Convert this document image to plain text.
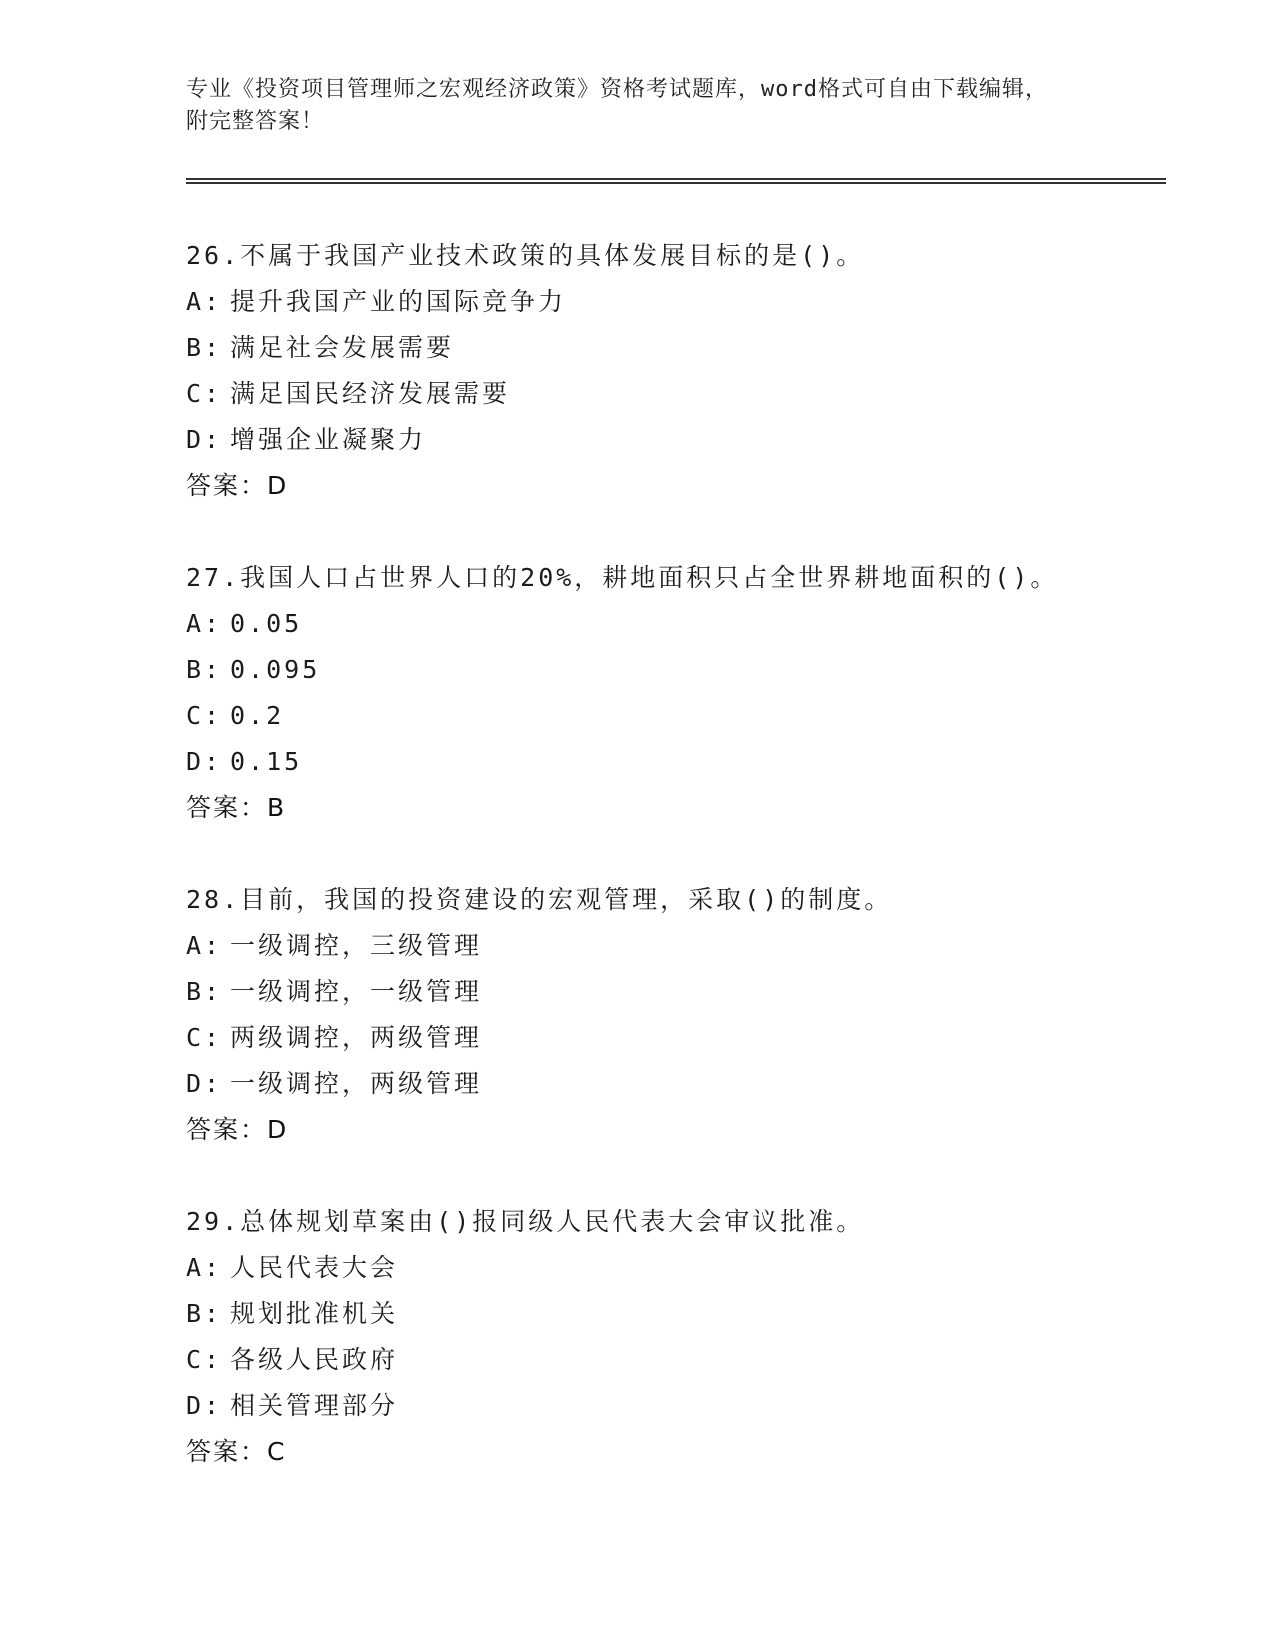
专业《投资项目管理师之宏观经济政策》资格考试题库，word格式可自由下载编辑，附完整答案！
26.不属于我国产业技术政策的具体发展目标的是()。
A: 提升我国产业的国际竞争力
B: 满足社会发展需要
C: 满足国民经济发展需要
D: 增强企业凝聚力
答案：D
27.我国人口占世界人口的20%，耕地面积只占全世界耕地面积的()。
A: 0.05
B: 0.095
C: 0.2
D: 0.15
答案：B
28.目前，我国的投资建设的宏观管理，采取()的制度。
A: 一级调控，三级管理
B: 一级调控，一级管理
C: 两级调控，两级管理
D: 一级调控，两级管理
答案：D
29.总体规划草案由()报同级人民代表大会审议批准。
A: 人民代表大会
B: 规划批准机关
C: 各级人民政府
D: 相关管理部分
答案：C
